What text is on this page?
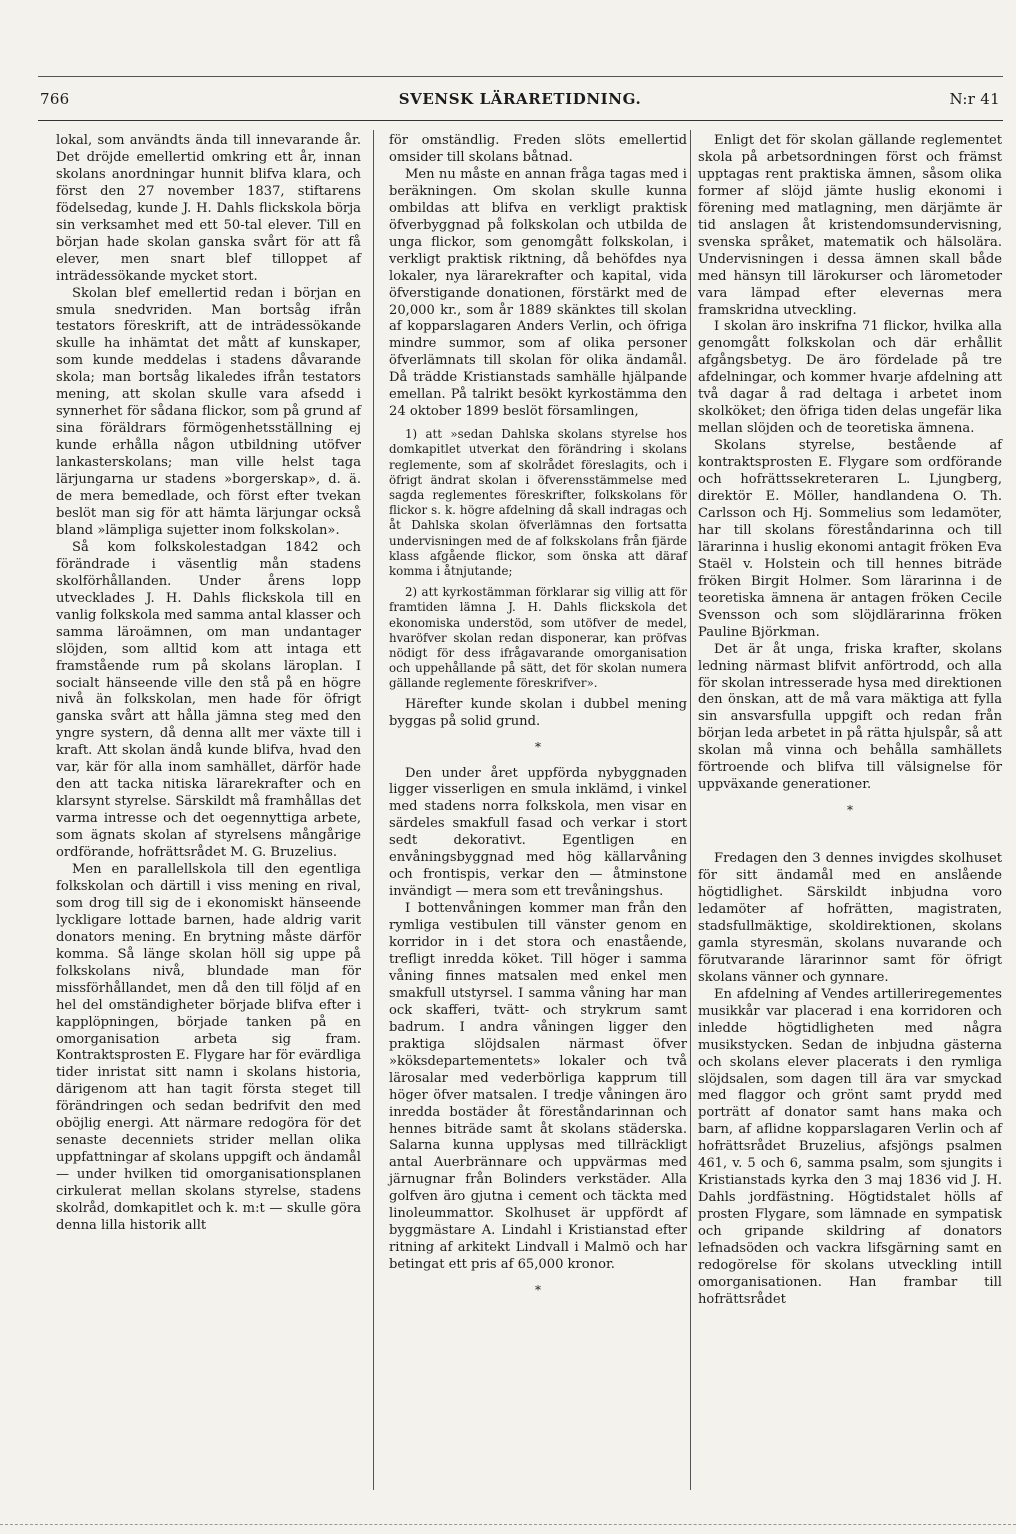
766	SVENSK LÄRARETIDNING.	N:r 41

lokal, som användts ända till innevarande år. Det dröjde emellertid omkring ett år, innan skolans anordningar hunnit blifva klara, och först den 27 november 1837, stiftarens födelsedag, kunde J. H. Dahls flickskola börja sin verksamhet med ett 50-tal elever. Till en början hade skolan ganska svårt för att få elever, men snart blef tilloppet af inträdessökande mycket stort.

Skolan blef emellertid redan i början en smula snedvriden. Man bortsåg ifrån testators föreskrift, att de inträdessökande skulle ha inhämtat det mått af kunskaper, som kunde meddelas i stadens dåvarande skola; man bortsåg likaledes ifrån testators mening, att skolan skulle vara afsedd i synnerhet för sådana flickor, som på grund af sina föräldrars förmögenhetsställning ej kunde erhålla någon utbildning utöfver lankasterskolans; man ville helst taga lärjungarna ur stadens »borgerskap», d. ä. de mera bemedlade, och först efter tvekan beslöt man sig för att hämta lärjungar också bland »lämpliga sujetter inom folkskolan».

Så kom folkskolestadgan 1842 och förändrade i väsentlig mån stadens skolförhållanden. Under årens lopp utvecklades J. H. Dahls flickskola till en vanlig folkskola med samma antal klasser och samma läroämnen, om man undantager slöjden, som alltid kom att intaga ett framstående rum på skolans läroplan. I socialt hänseende ville den stå på en högre nivå än folkskolan, men hade för öfrigt ganska svårt att hålla jämna steg med den yngre systern, då denna allt mer växte till i kraft. Att skolan ändå kunde blifva, hvad den var, kär för alla inom samhället, därför hade den att tacka nitiska lärarekrafter och en klarsynt styrelse. Särskildt må framhållas det varma intresse och det oegennyttiga arbete, som ägnats skolan af styrelsens mångårige ordförande, hofrättsrådet M. G. Bruzelius.

Men en parallellskola till den egentliga folkskolan och därtill i viss mening en rival, som drog till sig de i ekonomiskt hänseende lyckligare lottade barnen, hade aldrig varit donators mening. En brytning måste därför komma. Så länge skolan höll sig uppe på folkskolans nivå, blundade man för missförhållandet, men då den till följd af en hel del omständigheter började blifva efter i kapplöpningen, började tanken på en omorganisation arbeta sig fram. Kontraktsprosten E. Flygare har för evärdliga tider inristat sitt namn i skolans historia, därigenom att han tagit första steget till förändringen och sedan bedrifvit den med oböjlig energi. Att närmare redogöra för det senaste decenniets strider mellan olika uppfattningar af skolans uppgift och ändamål — under hvilken tid omorganisationsplanen cirkulerat mellan skolans styrelse, stadens skolråd, domkapitlet och k. m:t — skulle göra denna lilla historik allt

för omständlig. Freden slöts emellertid omsider till skolans båtnad.

Men nu måste en annan fråga tagas med i beräkningen. Om skolan skulle kunna ombildas att blifva en verkligt praktisk öfverbyggnad på folkskolan och utbilda de unga flickor, som genomgått folkskolan, i verkligt praktisk riktning, då behöfdes nya lokaler, nya lärarekrafter och kapital, vida öfverstigande donationen, förstärkt med de 20,000 kr., som år 1889 skänktes till skolan af kopparslagaren Anders Verlin, och öfriga mindre summor, som af olika personer öfverlämnats till skolan för olika ändamål. Då trädde Kristianstads samhälle hjälpande emellan. På talrikt besökt kyrkostämma den 24 oktober 1899 beslöt församlingen,

1) att »sedan Dahlska skolans styrelse hos domkapitlet utverkat den förändring i skolans reglemente, som af skolrådet föreslagits, och i öfrigt ändrat skolan i öfverensstämmelse med sagda reglementes föreskrifter, folkskolans för flickor s. k. högre afdelning då skall indragas och åt Dahlska skolan öfverlämnas den fortsatta undervisningen med de af folkskolans från fjärde klass afgående flickor, som önska att däraf komma i åtnjutande;

2) att kyrkostämman förklarar sig villig att för framtiden lämna J. H. Dahls flickskola det ekonomiska understöd, som utöfver de medel, hvaröfver skolan redan disponerar, kan pröfvas nödigt för dess ifrågavarande omorganisation och uppehållande på sätt, det för skolan numera gällande reglemente föreskrifver».

Härefter kunde skolan i dubbel mening byggas på solid grund.

*

Den under året uppförda nybyggnaden ligger visserligen en smula inklämd, i vinkel med stadens norra folkskola, men visar en särdeles smakfull fasad och verkar i stort sedt dekorativt. Egentligen en envåningsbyggnad med hög källarvåning och frontispis, verkar den — åtminstone invändigt — mera som ett trevåningshus.

I bottenvåningen kommer man från den rymliga vestibulen till vänster genom en korridor in i det stora och enastående, trefligt inredda köket. Till höger i samma våning finnes matsalen med enkel men smakfull utstyrsel. I samma våning har man ock skafferi, tvätt- och strykrum samt badrum. I andra våningen ligger den praktiga slöjdsalen närmast öfver »köksdepartementets» lokaler och två lärosalar med vederbörliga kapprum till höger öfver matsalen. I tredje våningen äro inredda bostäder åt föreståndarinnan och hennes biträde samt åt skolans städerska. Salarna kunna upplysas med tillräckligt antal Auerbrännare och uppvärmas med järnugnar från Bolinders verkstäder. Alla golfven äro gjutna i cement och täckta med linoleummattor. Skolhuset är uppfördt af byggmästare A. Lindahl i Kristianstad efter ritning af arkitekt Lindvall i Malmö och har betingat ett pris af 65,000 kronor.

*

Enligt det för skolan gällande reglementet skola på arbetsordningen först och främst upptagas rent praktiska ämnen, såsom olika former af slöjd jämte huslig ekonomi i förening med matlagning, men därjämte är tid anslagen åt kristendomsundervisning, svenska språket, matematik och hälsolära. Undervisningen i dessa ämnen skall både med hänsyn till lärokurser och lärometoder vara lämpad efter elevernas mera framskridna utveckling.

I skolan äro inskrifna 71 flickor, hvilka alla genomgått folkskolan och där erhållit afgångsbetyg. De äro fördelade på tre afdelningar, och kommer hvarje afdelning att två dagar å rad deltaga i arbetet inom skolköket; den öfriga tiden delas ungefär lika mellan slöjden och de teoretiska ämnena.

Skolans styrelse, bestående af kontraktsprosten E. Flygare som ordförande och hofrättssekreteraren L. Ljungberg, direktör E. Möller, handlandena O. Th. Carlsson och Hj. Sommelius som ledamöter, har till skolans föreståndarinna och till lärarinna i huslig ekonomi antagit fröken Eva Staël v. Holstein och till hennes biträde fröken Birgit Holmer. Som lärarinna i de teoretiska ämnena är antagen fröken Cecile Svensson och som slöjdlärarinna fröken Pauline Björkman.

Det är åt unga, friska krafter, skolans ledning närmast blifvit anförtrodd, och alla för skolan intresserade hysa med direktionen den önskan, att de må vara mäktiga att fylla sin ansvarsfulla uppgift och redan från början leda arbetet in på rätta hjulspår, så att skolan må vinna och behålla samhällets förtroende och blifva till välsignelse för uppväxande generationer.

*

Fredagen den 3 dennes invigdes skolhuset för sitt ändamål med en anslående högtidlighet. Särskildt inbjudna voro ledamöter af hofrätten, magistraten, stadsfullmäktige, skoldirektionen, skolans gamla styresmän, skolans nuvarande och förutvarande lärarinnor samt för öfrigt skolans vänner och gynnare.

En afdelning af Vendes artilleriregementes musikkår var placerad i ena korridoren och inledde högtidligheten med några musikstycken. Sedan de inbjudna gästerna och skolans elever placerats i den rymliga slöjdsalen, som dagen till ära var smyckad med flaggor och grönt samt prydd med porträtt af donator samt hans maka och barn, af aflidne kopparslagaren Verlin och af hofrättsrådet Bruzelius, afsjöngs psalmen 461, v. 5 och 6, samma psalm, som sjungits i Kristianstads kyrka den 3 maj 1836 vid J. H. Dahls jordfästning. Högtidstalet hölls af prosten Flygare, som lämnade en sympatisk och gripande skildring af donators lefnadsöden och vackra lifsgärning samt en redogörelse för skolans utveckling intill omorganisationen. Han frambar till hofrättsrådet
